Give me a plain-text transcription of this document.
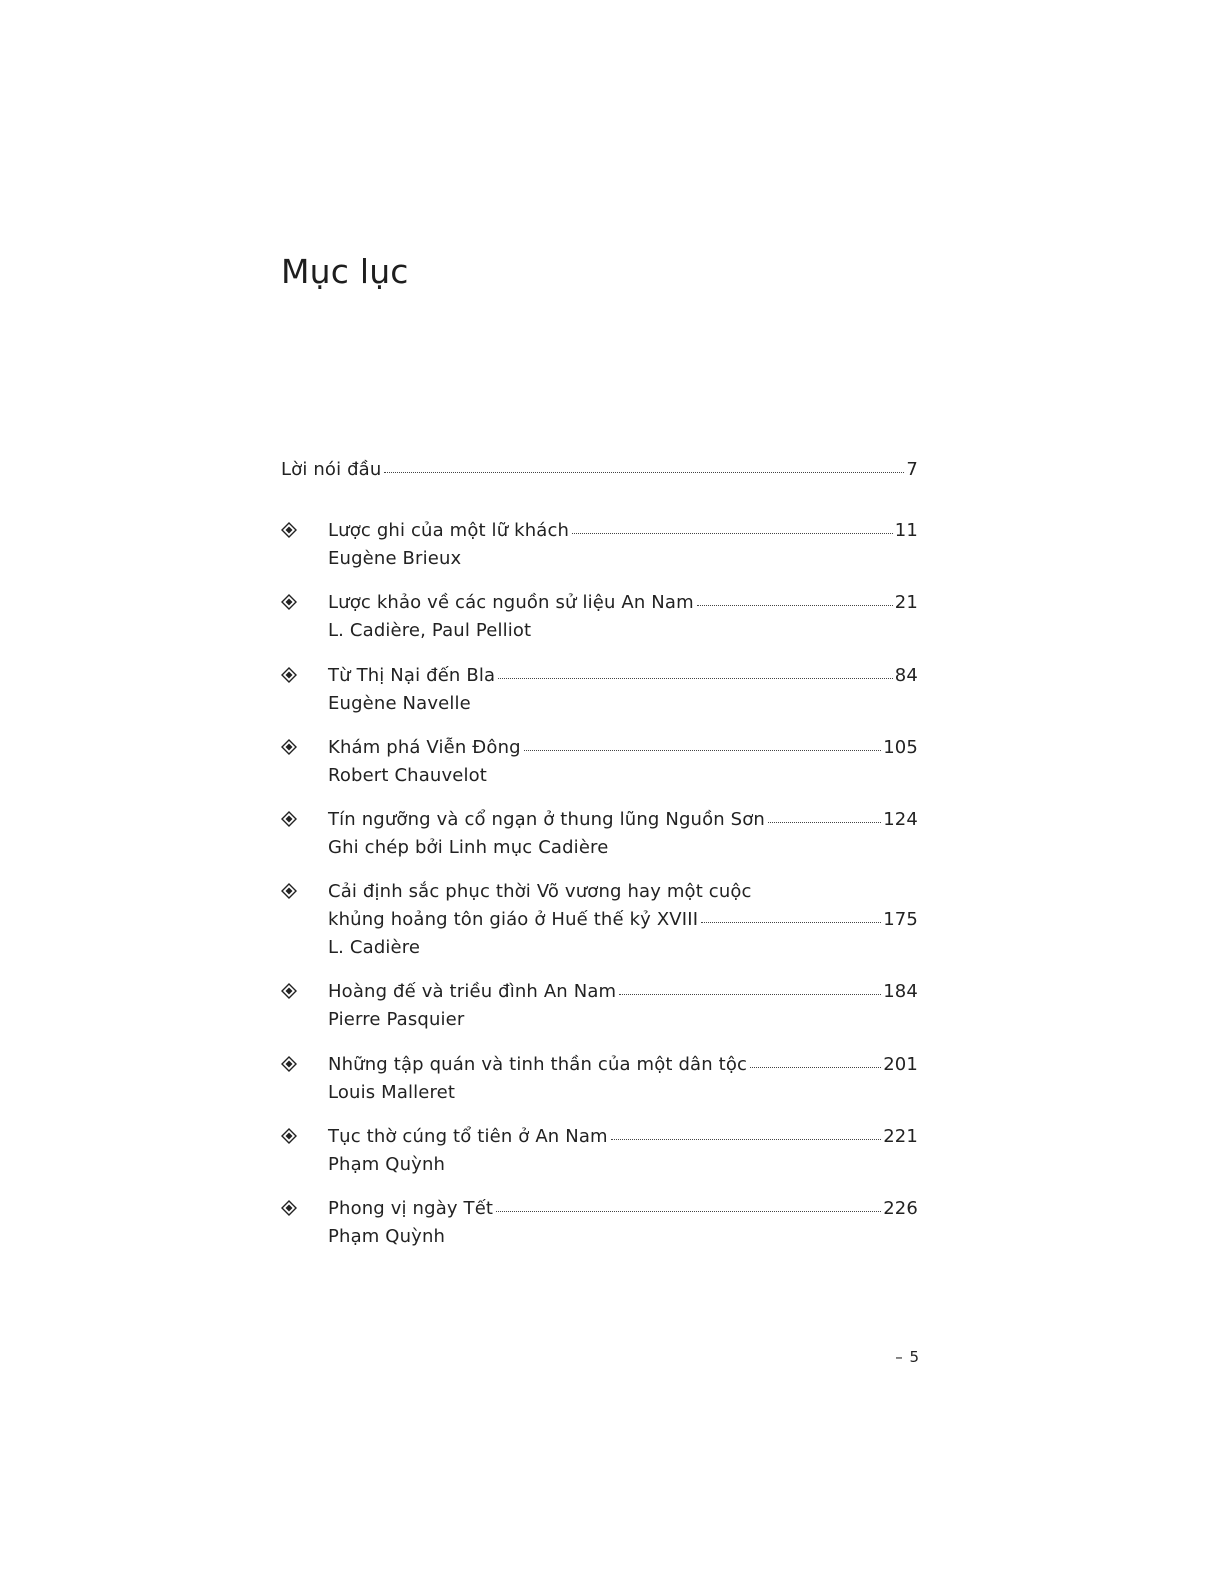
Mục lục
Lời nói đầu	7
Lược ghi của một lữ khách	11
Eugène Brieux
Lược khảo về các nguồn sử liệu An Nam	21
L. Cadière, Paul Pelliot
Từ Thị Nại đến Bla	84
Eugène Navelle
Khám phá Viễn Đông	105
Robert Chauvelot
Tín ngưỡng và cổ ngạn ở thung lũng Nguồn Sơn	124
Ghi chép bởi Linh mục Cadière
Cải định sắc phục thời Võ vương hay một cuộc
khủng hoảng tôn giáo ở Huế thế kỷ XVIII	175
L. Cadière
Hoàng đế và triều đình An Nam	184
Pierre Pasquier
Những tập quán và tinh thần của một dân tộc	201
Louis Malleret
Tục thờ cúng tổ tiên ở An Nam	221
Phạm Quỳnh
Phong vị ngày Tết	226
Phạm Quỳnh
– 5
